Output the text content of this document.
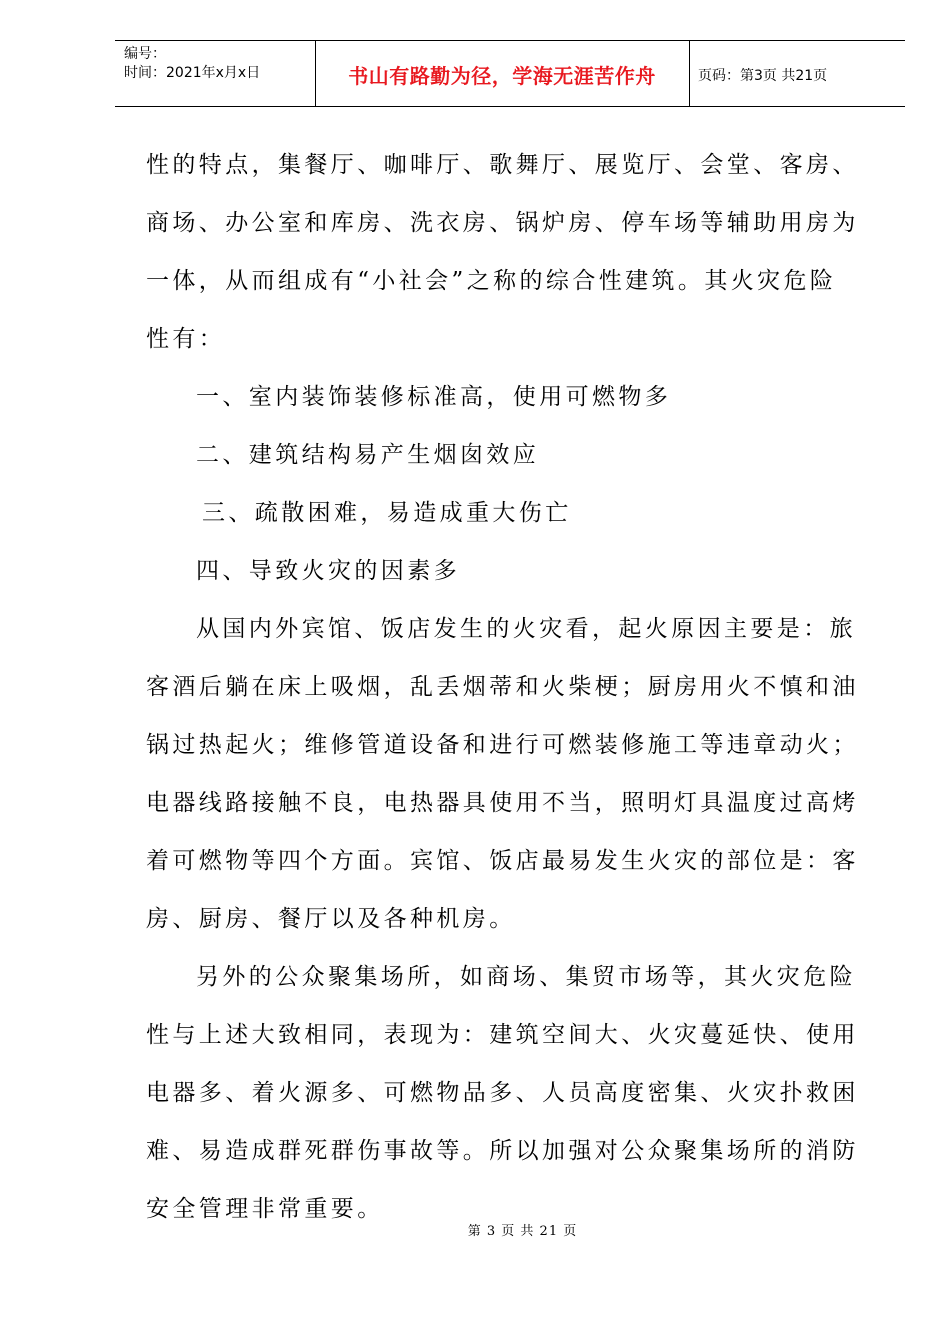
编号：
时间：2021年x月x日	书山有路勤为径，学海无涯苦作舟	页码：第3页 共21页

性的特点，集餐厅、咖啡厅、歌舞厅、展览厅、会堂、客房、商场、办公室和库房、洗衣房、锅炉房、停车场等辅助用房为一体，从而组成有“小社会”之称的综合性建筑。其火灾危险性有：

一、室内装饰装修标准高，使用可燃物多

二、建筑结构易产生烟囱效应

三、疏散困难，易造成重大伤亡

四、导致火灾的因素多

从国内外宾馆、饭店发生的火灾看，起火原因主要是：旅客酒后躺在床上吸烟，乱丢烟蒂和火柴梗；厨房用火不慎和油锅过热起火；维修管道设备和进行可燃装修施工等违章动火；电器线路接触不良，电热器具使用不当，照明灯具温度过高烤着可燃物等四个方面。宾馆、饭店最易发生火灾的部位是：客房、厨房、餐厅以及各种机房。

另外的公众聚集场所，如商场、集贸市场等，其火灾危险性与上述大致相同，表现为：建筑空间大、火灾蔓延快、使用电器多、着火源多、可燃物品多、人员高度密集、火灾扑救困难、易造成群死群伤事故等。所以加强对公众聚集场所的消防安全管理非常重要。

第 3 页 共 21 页
